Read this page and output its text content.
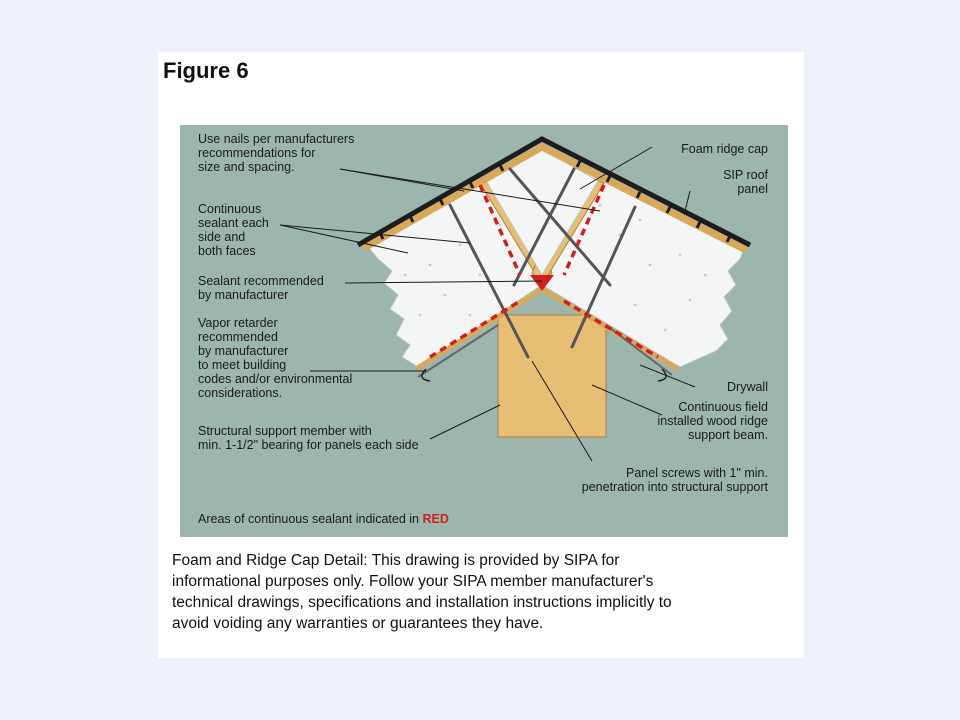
Figure 6
Use nails per manufacturers
recommendations for
size and spacing.
Continuous
sealant each
side and
both faces
Sealant recommended
by manufacturer
Vapor retarder
recommended
by manufacturer
to meet building
codes and/or environmental
considerations.
Structural support member with
min. 1-1/2" bearing for panels each side
Foam ridge cap
SIP roof
panel
Drywall
Continuous field
installed wood ridge
support beam.
Panel screws with 1" min.
penetration into structural support
Areas of continuous sealant indicated in RED
Foam and Ridge Cap Detail: This drawing is provided by SIPA for
informational purposes only. Follow your SIPA member manufacturer's
technical drawings, specifications and installation instructions implicitly to
avoid voiding any warranties or guarantees they have.
